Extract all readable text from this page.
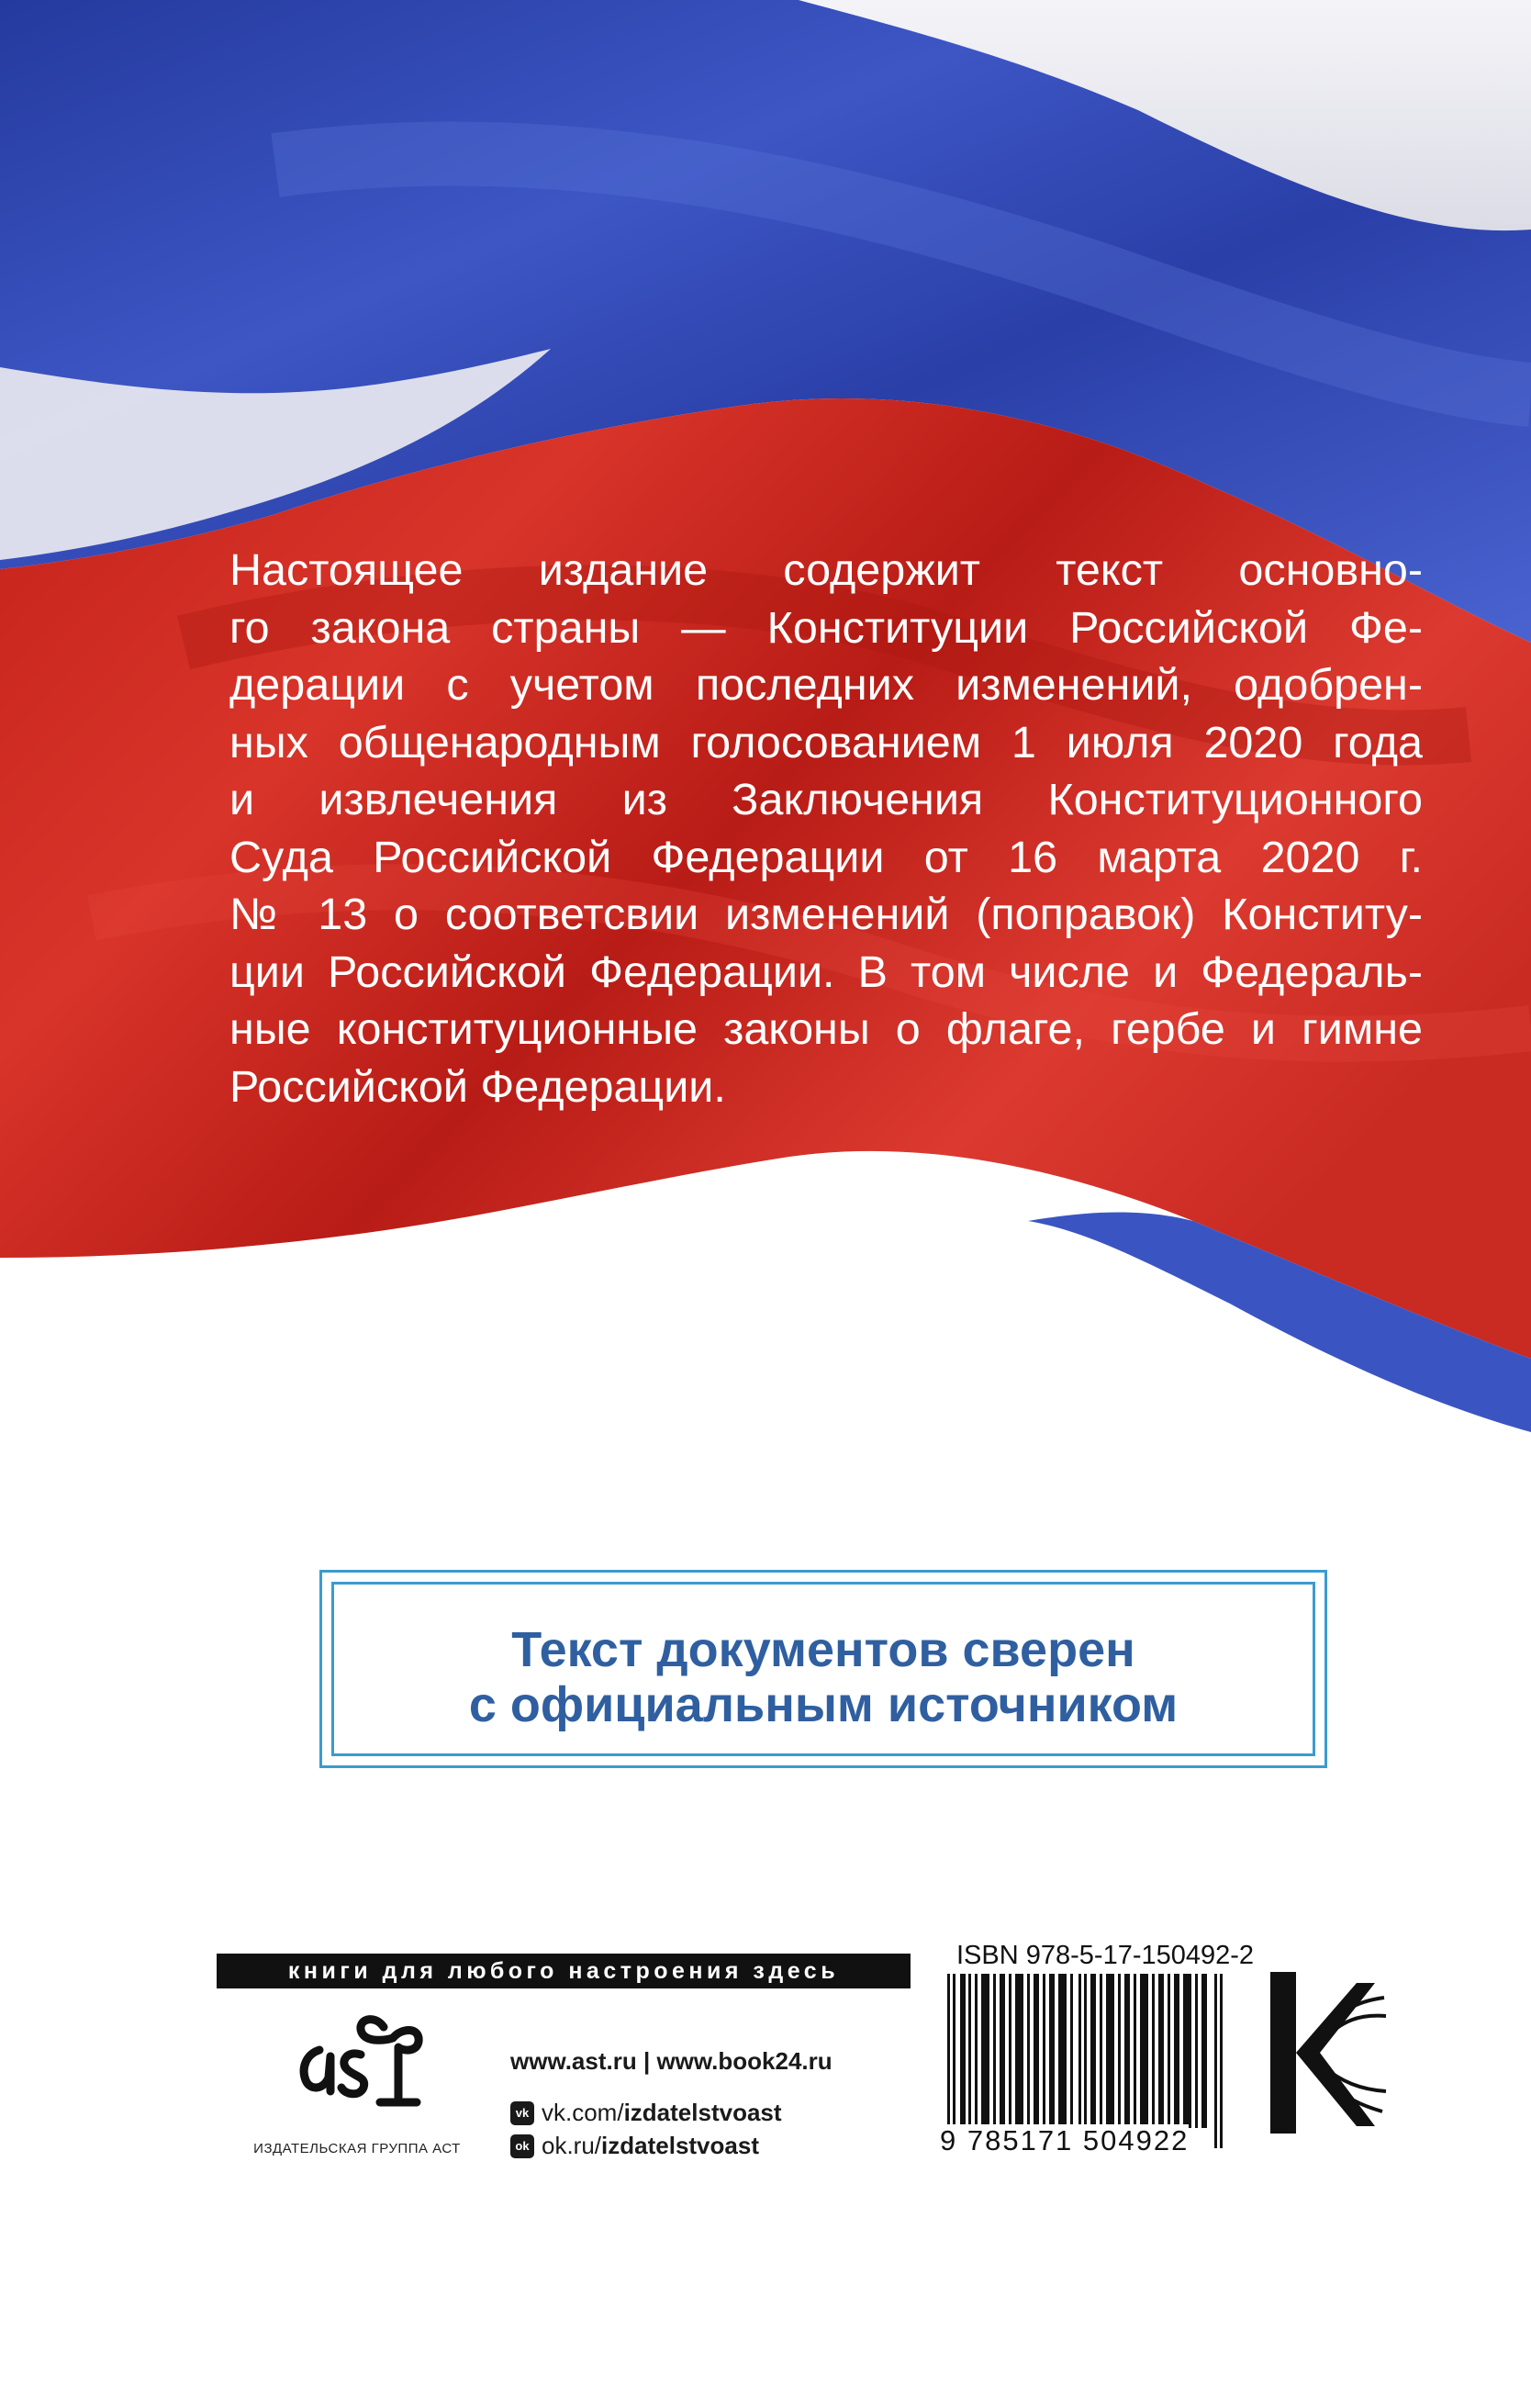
Настоящее издание содержит текст основно-
го закона страны — Конституции Российской Фе-
дерации с учетом последних изменений, одобрен-
ных общенародным голосованием 1 июля 2020 года
и извлечения из Заключения Конституционного
Суда Российской Федерации от 16 марта 2020 г.
№ 13 о соответсвии изменений (поправок) Конститу-
ции Российской Федерации. В том числе и Федераль-
ные конституционные законы о флаге, гербе и гимне
Российской Федерации.
Текст документов сверен
с официальным источником
книги для любого настроения здесь
ИЗДАТЕЛЬСКАЯ ГРУППА АСТ
www.ast.ru | www.book24.ru
vk vk.com/ izdatelstvoast
ok ok.ru/ izdatelstvoast
ISBN 978-5-17-150492-2
9 785171 504922
